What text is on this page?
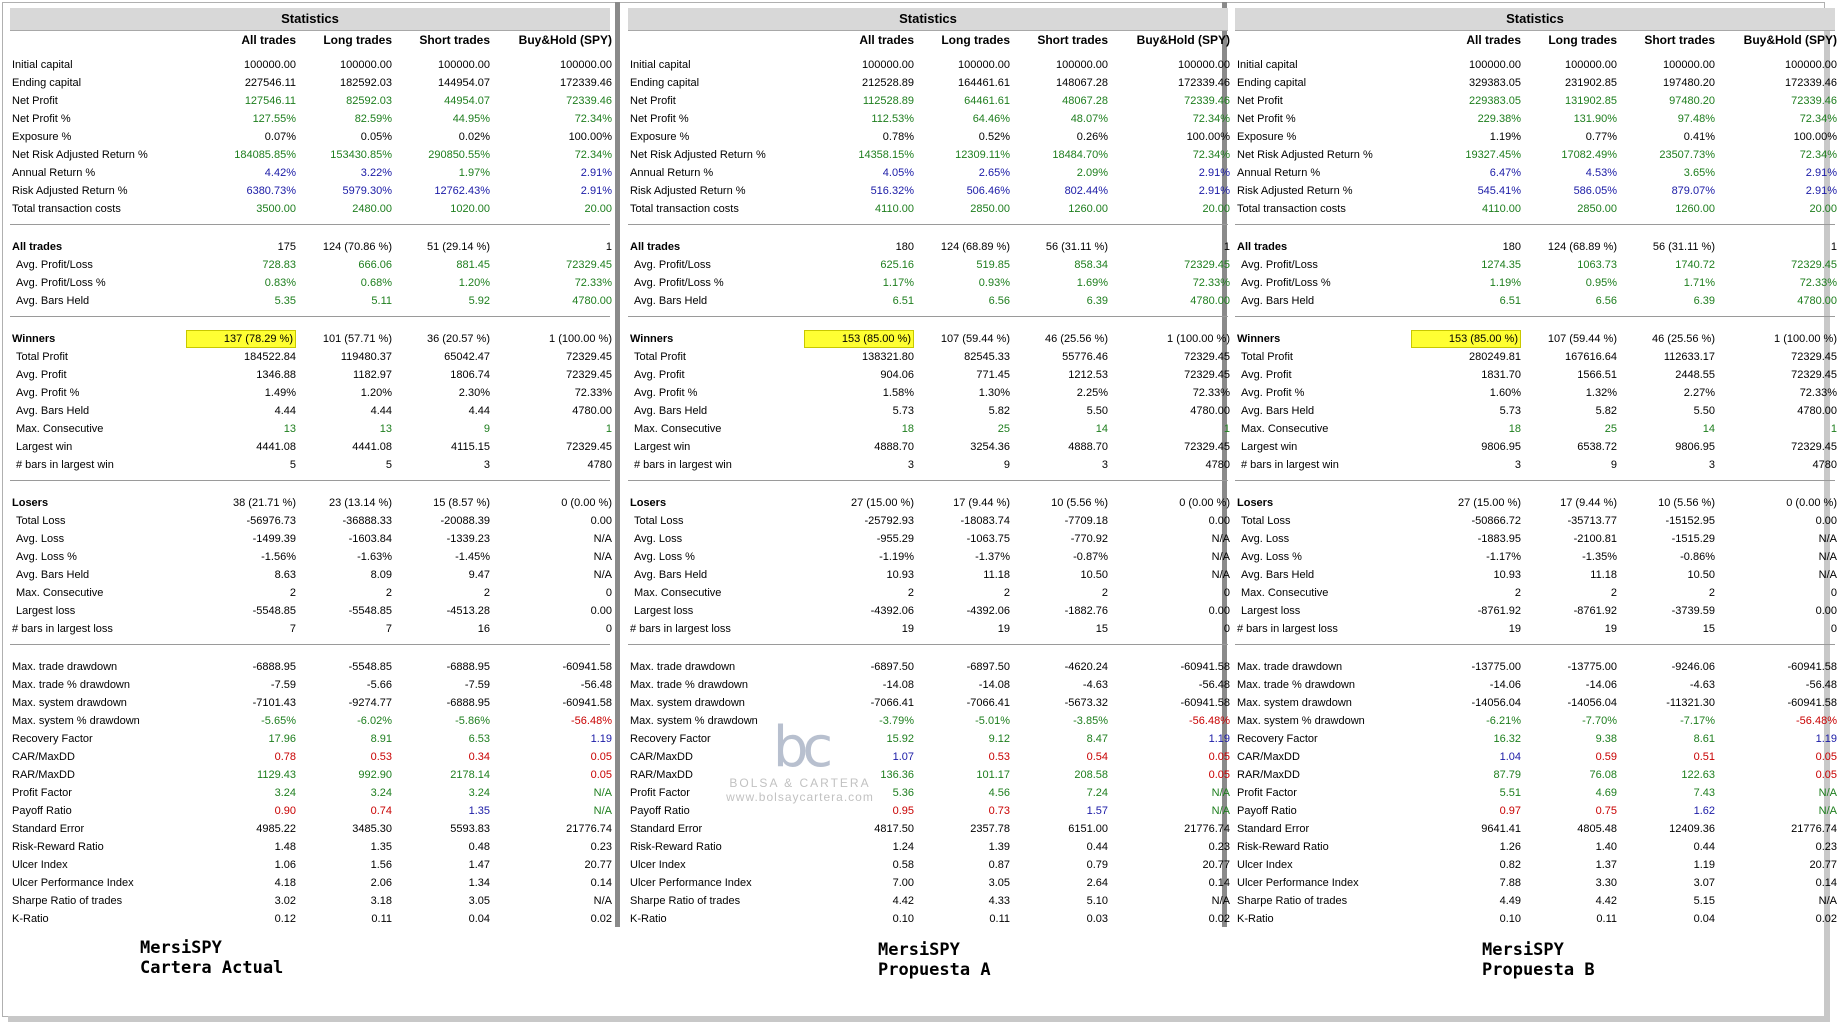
Statistics
All trades	Long trades	Short trades	Buy&Hold (SPY)
Initial capital	100000.00	100000.00	100000.00	100000.00
Ending capital	227546.11	182592.03	144954.07	172339.46
Net Profit	127546.11	82592.03	44954.07	72339.46
Net Profit %	127.55%	82.59%	44.95%	72.34%
Exposure %	0.07%	0.05%	0.02%	100.00%
Net Risk Adjusted Return %	184085.85%	153430.85%	290850.55%	72.34%
Annual Return %	4.42%	3.22%	1.97%	2.91%
Risk Adjusted Return %	6380.73%	5979.30%	12762.43%	2.91%
Total transaction costs	3500.00	2480.00	1020.00	20.00
All trades	175	124 (70.86 %)	51 (29.14 %)	1
Avg. Profit/Loss	728.83	666.06	881.45	72329.45
Avg. Profit/Loss %	0.83%	0.68%	1.20%	72.33%
Avg. Bars Held	5.35	5.11	5.92	4780.00
Winners	137 (78.29 %)	101 (57.71 %)	36 (20.57 %)	1 (100.00 %)
Total Profit	184522.84	119480.37	65042.47	72329.45
Avg. Profit	1346.88	1182.97	1806.74	72329.45
Avg. Profit %	1.49%	1.20%	2.30%	72.33%
Avg. Bars Held	4.44	4.44	4.44	4780.00
Max. Consecutive	13	13	9	1
Largest win	4441.08	4441.08	4115.15	72329.45
# bars in largest win	5	5	3	4780
Losers	38 (21.71 %)	23 (13.14 %)	15 (8.57 %)	0 (0.00 %)
Total Loss	-56976.73	-36888.33	-20088.39	0.00
Avg. Loss	-1499.39	-1603.84	-1339.23	N/A
Avg. Loss %	-1.56%	-1.63%	-1.45%	N/A
Avg. Bars Held	8.63	8.09	9.47	N/A
Max. Consecutive	2	2	2	0
Largest loss	-5548.85	-5548.85	-4513.28	0.00
# bars in largest loss	7	7	16	0
Max. trade drawdown	-6888.95	-5548.85	-6888.95	-60941.58
Max. trade % drawdown	-7.59	-5.66	-7.59	-56.48
Max. system drawdown	-7101.43	-9274.77	-6888.95	-60941.58
Max. system % drawdown	-5.65%	-6.02%	-5.86%	-56.48%
Recovery Factor	17.96	8.91	6.53	1.19
CAR/MaxDD	0.78	0.53	0.34	0.05
RAR/MaxDD	1129.43	992.90	2178.14	0.05
Profit Factor	3.24	3.24	3.24	N/A
Payoff Ratio	0.90	0.74	1.35	N/A
Standard Error	4985.22	3485.30	5593.83	21776.74
Risk-Reward Ratio	1.48	1.35	0.48	0.23
Ulcer Index	1.06	1.56	1.47	20.77
Ulcer Performance Index	4.18	2.06	1.34	0.14
Sharpe Ratio of trades	3.02	3.18	3.05	N/A
K-Ratio	0.12	0.11	0.04	0.02
Statistics
All trades	Long trades	Short trades	Buy&Hold (SPY)
Initial capital	100000.00	100000.00	100000.00	100000.00
Ending capital	212528.89	164461.61	148067.28	172339.46
Net Profit	112528.89	64461.61	48067.28	72339.46
Net Profit %	112.53%	64.46%	48.07%	72.34%
Exposure %	0.78%	0.52%	0.26%	100.00%
Net Risk Adjusted Return %	14358.15%	12309.11%	18484.70%	72.34%
Annual Return %	4.05%	2.65%	2.09%	2.91%
Risk Adjusted Return %	516.32%	506.46%	802.44%	2.91%
Total transaction costs	4110.00	2850.00	1260.00	20.00
All trades	180	124 (68.89 %)	56 (31.11 %)	1
Avg. Profit/Loss	625.16	519.85	858.34	72329.45
Avg. Profit/Loss %	1.17%	0.93%	1.69%	72.33%
Avg. Bars Held	6.51	6.56	6.39	4780.00
Winners	153 (85.00 %)	107 (59.44 %)	46 (25.56 %)	1 (100.00 %)
Total Profit	138321.80	82545.33	55776.46	72329.45
Avg. Profit	904.06	771.45	1212.53	72329.45
Avg. Profit %	1.58%	1.30%	2.25%	72.33%
Avg. Bars Held	5.73	5.82	5.50	4780.00
Max. Consecutive	18	25	14	1
Largest win	4888.70	3254.36	4888.70	72329.45
# bars in largest win	3	9	3	4780
Losers	27 (15.00 %)	17 (9.44 %)	10 (5.56 %)	0 (0.00 %)
Total Loss	-25792.93	-18083.74	-7709.18	0.00
Avg. Loss	-955.29	-1063.75	-770.92	N/A
Avg. Loss %	-1.19%	-1.37%	-0.87%	N/A
Avg. Bars Held	10.93	11.18	10.50	N/A
Max. Consecutive	2	2	2	0
Largest loss	-4392.06	-4392.06	-1882.76	0.00
# bars in largest loss	19	19	15	0
Max. trade drawdown	-6897.50	-6897.50	-4620.24	-60941.58
Max. trade % drawdown	-14.08	-14.08	-4.63	-56.48
Max. system drawdown	-7066.41	-7066.41	-5673.32	-60941.58
Max. system % drawdown	-3.79%	-5.01%	-3.85%	-56.48%
Recovery Factor	15.92	9.12	8.47	1.19
CAR/MaxDD	1.07	0.53	0.54	0.05
RAR/MaxDD	136.36	101.17	208.58	0.05
Profit Factor	5.36	4.56	7.24	N/A
Payoff Ratio	0.95	0.73	1.57	N/A
Standard Error	4817.50	2357.78	6151.00	21776.74
Risk-Reward Ratio	1.24	1.39	0.44	0.23
Ulcer Index	0.58	0.87	0.79	20.77
Ulcer Performance Index	7.00	3.05	2.64	0.14
Sharpe Ratio of trades	4.42	4.33	5.10	N/A
K-Ratio	0.10	0.11	0.03	0.02
Statistics
All trades	Long trades	Short trades	Buy&Hold (SPY)
Initial capital	100000.00	100000.00	100000.00	100000.00
Ending capital	329383.05	231902.85	197480.20	172339.46
Net Profit	229383.05	131902.85	97480.20	72339.46
Net Profit %	229.38%	131.90%	97.48%	72.34%
Exposure %	1.19%	0.77%	0.41%	100.00%
Net Risk Adjusted Return %	19327.45%	17082.49%	23507.73%	72.34%
Annual Return %	6.47%	4.53%	3.65%	2.91%
Risk Adjusted Return %	545.41%	586.05%	879.07%	2.91%
Total transaction costs	4110.00	2850.00	1260.00	20.00
All trades	180	124 (68.89 %)	56 (31.11 %)	1
Avg. Profit/Loss	1274.35	1063.73	1740.72	72329.45
Avg. Profit/Loss %	1.19%	0.95%	1.71%	72.33%
Avg. Bars Held	6.51	6.56	6.39	4780.00
Winners	153 (85.00 %)	107 (59.44 %)	46 (25.56 %)	1 (100.00 %)
Total Profit	280249.81	167616.64	112633.17	72329.45
Avg. Profit	1831.70	1566.51	2448.55	72329.45
Avg. Profit %	1.60%	1.32%	2.27%	72.33%
Avg. Bars Held	5.73	5.82	5.50	4780.00
Max. Consecutive	18	25	14	1
Largest win	9806.95	6538.72	9806.95	72329.45
# bars in largest win	3	9	3	4780
Losers	27 (15.00 %)	17 (9.44 %)	10 (5.56 %)	0 (0.00 %)
Total Loss	-50866.72	-35713.77	-15152.95	0.00
Avg. Loss	-1883.95	-2100.81	-1515.29	N/A
Avg. Loss %	-1.17%	-1.35%	-0.86%	N/A
Avg. Bars Held	10.93	11.18	10.50	N/A
Max. Consecutive	2	2	2	0
Largest loss	-8761.92	-8761.92	-3739.59	0.00
# bars in largest loss	19	19	15	0
Max. trade drawdown	-13775.00	-13775.00	-9246.06	-60941.58
Max. trade % drawdown	-14.06	-14.06	-4.63	-56.48
Max. system drawdown	-14056.04	-14056.04	-11321.30	-60941.58
Max. system % drawdown	-6.21%	-7.70%	-7.17%	-56.48%
Recovery Factor	16.32	9.38	8.61	1.19
CAR/MaxDD	1.04	0.59	0.51	0.05
RAR/MaxDD	87.79	76.08	122.63	0.05
Profit Factor	5.51	4.69	7.43	N/A
Payoff Ratio	0.97	0.75	1.62	N/A
Standard Error	9641.41	4805.48	12409.36	21776.74
Risk-Reward Ratio	1.26	1.40	0.44	0.23
Ulcer Index	0.82	1.37	1.19	20.77
Ulcer Performance Index	7.88	3.30	3.07	0.14
Sharpe Ratio of trades	4.49	4.42	5.15	N/A
K-Ratio	0.10	0.11	0.04	0.02
bc
BOLSA & CARTERA
www.bolsaycartera.com
MersiSPY
Cartera Actual
MersiSPY
Propuesta A
MersiSPY
Propuesta B
